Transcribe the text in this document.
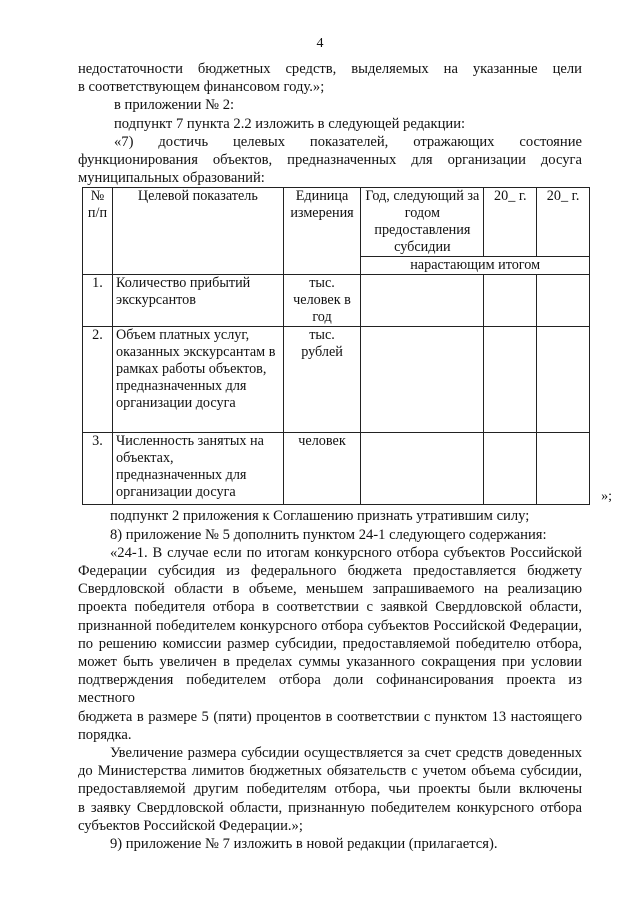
4

недостаточности бюджетных средств, выделяемых на указанные цели

в соответствующем финансовом году.»;

в приложении № 2:

подпункт 7 пункта 2.2 изложить в следующей редакции:

«7) достичь целевых показателей, отражающих состояние

функционирования объектов, предназначенных для организации досуга

муниципальных образований:

№ п/п	Целевой показатель	Единица измерения	Год, следующий за годом предоставления субсидии	20_ г.	20_ г.
			нарастающим итогом		
1.	Количество прибытий экскурсантов	тыс. человек в год			
2.	Объем платных услуг, оказанных экскурсантам в рамках работы объектов, предназначенных для организации досуга	тыс. рублей			
3.	Численность занятых на объектах, предназначенных для организации досуга	человек			
»;

подпункт 2 приложения к Соглашению признать утратившим силу;

8) приложение № 5 дополнить пунктом 24-1 следующего содержания:

«24-1. В случае если по итогам конкурсного отбора субъектов Российской

Федерации субсидия из федерального бюджета предоставляется бюджету

Свердловской области в объеме, меньшем запрашиваемого на реализацию

проекта победителя отбора в соответствии с заявкой Свердловской области,

признанной победителем конкурсного отбора субъектов Российской Федерации,

по решению комиссии размер субсидии, предоставляемой победителю отбора,

может быть увеличен в пределах суммы указанного сокращения при условии

подтверждения победителем отбора доли софинансирования проекта из местного

бюджета в размере 5 (пяти) процентов в соответствии с пунктом 13 настоящего

порядка.

Увеличение размера субсидии осуществляется за счет средств доведенных

до Министерства лимитов бюджетных обязательств с учетом объема субсидии,

предоставляемой другим победителям отбора, чьи проекты были включены

в заявку Свердловской области, признанную победителем конкурсного отбора

субъектов Российской Федерации.»;

9) приложение № 7 изложить в новой редакции (прилагается).
